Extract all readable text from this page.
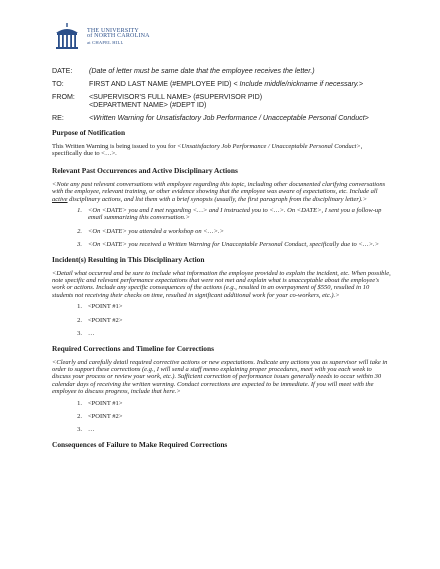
THE UNIVERSITY
of NORTH CAROLINA
at CHAPEL HILL
DATE:	(Date of letter must be same date that the employee receives the letter.)
TO:	FIRST AND LAST NAME (#EMPLOYEE PID) < Include middle/nickname if necessary.>
FROM:	<SUPERVISOR'S FULL NAME> (#SUPERVISOR PID)
<DEPARTMENT NAME> (#DEPT ID)
RE:	<Written Warning for Unsatisfactory Job Performance / Unacceptable Personal Conduct>

Purpose of Notification

This Written Warning is being issued to you for <Unsatisfactory Job Performance / Unacceptable Personal Conduct>, specifically due to <…>.

Relevant Past Occurrences and Active Disciplinary Actions

<Note any past relevant conversations with employee regarding this topic, including other documented clarifying conversations with the employee, relevant training, or other evidence showing that the employee was aware of expectations, etc. Include all active disciplinary actions, and list them with a brief synopsis (usually, the first paragraph from the disciplinary letter).>

1. <On <DATE> you and I met regarding <…> and I instructed you to <…>. On <DATE>, I sent you a follow-up email summarizing this conversation.>
2. <On <DATE> you attended a workshop on <…>.>
3. <On <DATE> you received a Written Warning for Unacceptable Personal Conduct, specifically due to <…>.>

Incident(s) Resulting in This Disciplinary Action

<Detail what occurred and be sure to include what information the employee provided to explain the incident, etc. When possible, note specific and relevant performance expectations that were not met and explain what is unacceptable about the employee's work or actions. Include any specific consequences of the actions (e.g., resulted in an overpayment of $550, resulted in 10 students not receiving their checks on time, resulted in significant additional work for your co-workers, etc.).>

1. <POINT #1>
2. <POINT #2>
3. …

Required Corrections and Timeline for Corrections

<Clearly and carefully detail required corrective actions or new expectations. Indicate any actions you as supervisor will take in order to support these corrections (e.g., I will send a staff memo explaining proper procedures, meet with you each week to discuss your process or review your work, etc.). Sufficient correction of performance issues generally needs to occur within 30 calendar days of receiving the written warning. Conduct corrections are expected to be immediate. If you will meet with the employee to discuss progress, include that here.>

1. <POINT #1>
2. <POINT #2>
3. …

Consequences of Failure to Make Required Corrections
